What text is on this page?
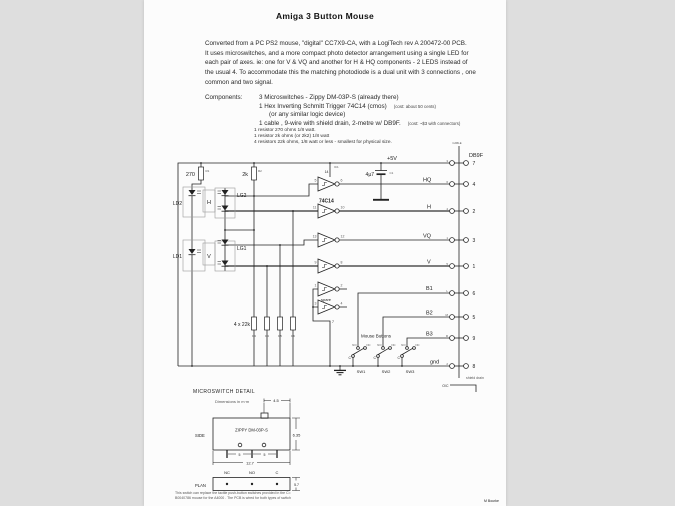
Amiga 3 Button Mouse
Converted from a PC PS2 mouse, "digital" CC7X9-CA, with a LogiTech rev A 200472-00 PCB.
It uses microswitches, and a more compact photo detector arrangement using a single LED for
each pair of axes. ie: one for V & VQ and another for H & HQ components - 2 LEDS instead of
the usual 4. To accommodate this the matching photodiode is a dual unit with 3 connections , one
common and two signal.
Components:	3 Microswitches - Zippy DM-03P-S (already there)
1 Hex Inverting Schmitt Trigger 74C14 (cmos) (cost: about 50 cents)
(or any similar logic device)
1 cable , 9-wire with shield drain, 2-metre w/ DB9F. (cost: ~$3 with connectors)
1 resistor 270 ohms 1/8 watt.
1 resistor 2k ohms (or 2k2) 1/8 watt
4 resistors 22k ohms, 1/8 watt or less - smallest for physical size.
270
R1
2k
R2
LD2
LD1
H
V
LG2
LG1
14
IC1
74C14
4µ7	C1
4 x 22k
R3	R4	R5	R6
spare
7
Mouse Buttons
5	6
11	10
13	12
9	8
1	2
3	4
NO	NC
C
NO	NC
C
NO	NC
C
SW1	SW2	SW3
+5V
HQ
H
VQ
V
B1
B2
B3
gnd
3
6
4
1
5
L
M
R
2
7
4
2
3
1
6
5
9
8
CABLE
DB9F
shield drain
O/C
MICROSWITCH DETAIL
Dimensions in m·m	4.5
ZIPPY DM-03P-S
SIDE	6.35
5	5
12.7
NC	NO	C
PLAN	5.7
This switch can replace the tactile push-button switches provided in the C=
B0040786 mouse for the A4000 . The PCB is wired for both types of switch
M Bourke
